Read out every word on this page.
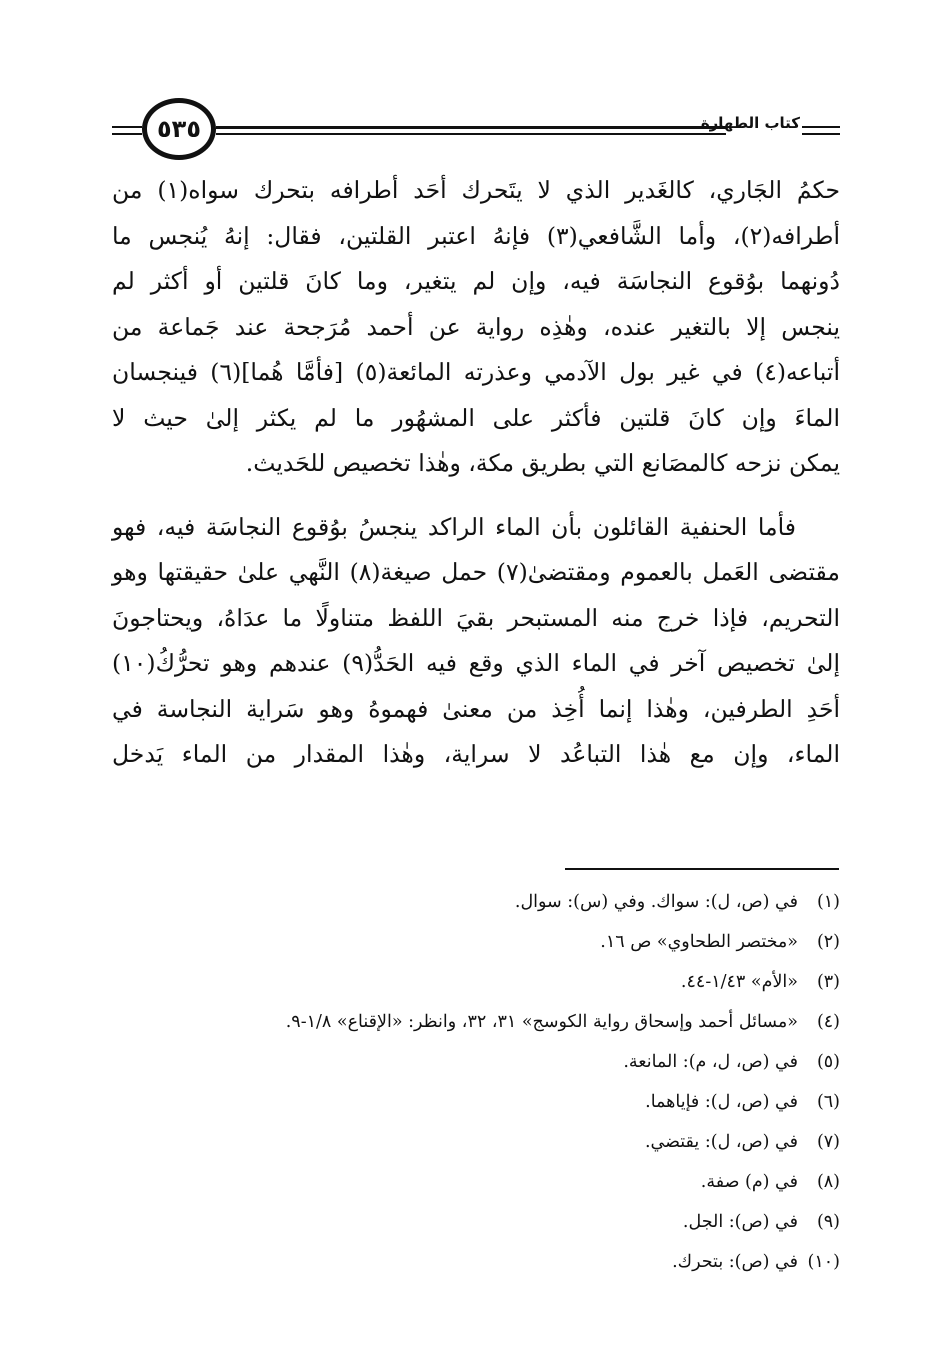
٥٣٥	كتاب الطهارة

حكمُ الجَاري، كالغَدير الذي لا يتَحرك أحَد أطرافه بتحرك سواه(١) من
أطرافه(٢)، وأما الشَّافعي(٣) فإنهُ اعتبر القلتين، فقال: إنهُ يُنجس ما
دُونهما بوُقوع النجاسَة فيه، وإن لم يتغير، وما كانَ قلتين أو أكثر لم
ينجس إلا بالتغير عنده، وهٰذِه رواية عن أحمد مُرَجحة عند جَماعة من
أتباعه(٤) في غير بول الآدمي وعذرته المائعة(٥) [فأمَّا هُما](٦) فينجسان
الماءَ وإن كانَ قلتين فأكثر على المشهُور ما لم يكثر إلىٰ حيث لا

يمكن نزحه كالمصَانع التي بطريق مكة، وهٰذا تخصيص للحَديث.

فأما الحنفية القائلون بأن الماء الراكد ينجسُ بوُقوع النجاسَة فيه، فهو
مقتضى العَمل بالعموم ومقتضىٰ(٧) حمل صيغة(٨) النَّهي علىٰ حقيقتها وهو
التحريم، فإذا خرج منه المستبحر بقيَ اللفظ متناولًا ما عدَاهُ، ويحتاجونَ
إلىٰ تخصيص آخر في الماء الذي وقع فيه الحَدُّ(٩) عندهم وهو تحرُّكُ(١٠)
أحَدِ الطرفين، وهٰذا إنما أُخِذ من معنىٰ فهموهُ وهو سَراية النجاسة في
الماء، وإن مع هٰذا التباعُد لا سراية، وهٰذا المقدار من الماء يَدخل

(١)في (ص، ل): سواك. وفي (س): سوال.
(٢)«مختصر الطحاوي» ص ١٦.
(٣)«الأم» ١/٤٣-٤٤.
(٤)«مسائل أحمد وإسحاق رواية الكوسج» ٣١، ٣٢، وانظر: «الإقناع» ١/٨-٩.
(٥)في (ص، ل، م): المانعة.
(٦)في (ص، ل): فإياهما.
(٧)في (ص، ل): يقتضي.
(٨)في (م) صفة.
(٩)في (ص): الجل.
(١٠)في (ص): بتحرك.
